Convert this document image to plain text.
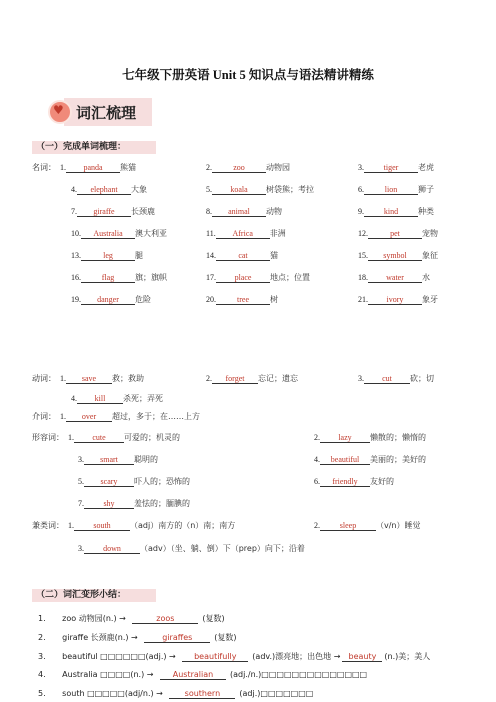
七年级下册英语 Unit 5 知识点与语法精讲精练
♥ 词汇梳理
（一）完成单词梳理：
名词： 1. panda 熊猫	2.	zoo	动物园	3. tiger 老虎
4. elephant 大象	5. koala 树袋熊；考拉	6.	lion	狮子
7. giraffe 长颈鹿	8. animal 动物	9. kind 种类
10. Australia 澳大利亚	11. Africa 非洲	12.	pet	宠物
13.	leg	腿	14.	cat	猫	15. symbol 象征
16.	flag	旗；旗帜	17. place 地点；位置	18. water 水
19. danger 危险	20.	tree	树	21. ivory 象牙
动词： 1. save 救；救助	2. forget 忘记；遗忘	3. cut 砍；切
4. kill 杀死；弄死
介词： 1. over 超过，多于；在……上方
形容词： 1. cute 可爱的；机灵的	2. lazy 懒散的；懒惰的
3. smart 聪明的	4. beautiful 美丽的；美好的
5. scary 吓人的；恐怖的	6. friendly 友好的
7. shy 羞怯的；腼腆的
兼类词： 1. south （adj）南方的（n）南；南方	2. sleep （v/n）睡觉
3. down （adv）（坐、躺、倒）下（prep）向下；沿着
（二）词汇变形小结：
1. zoo 动物园(n.) →	zoos	(复数)
2. giraffe 长颈鹿(n.) →	giraffes	(复数)
3. beautiful □□□□□□(adj.) → beautifully (adv.)漂亮地；出色地 → beauty (n.)美；美人
4. Australia □□□□(n.) → Australian (adj./n.)□□□□□□□□□□□□□□
5. south □□□□□(adj/n.) → southern (adj.)□□□□□□□
